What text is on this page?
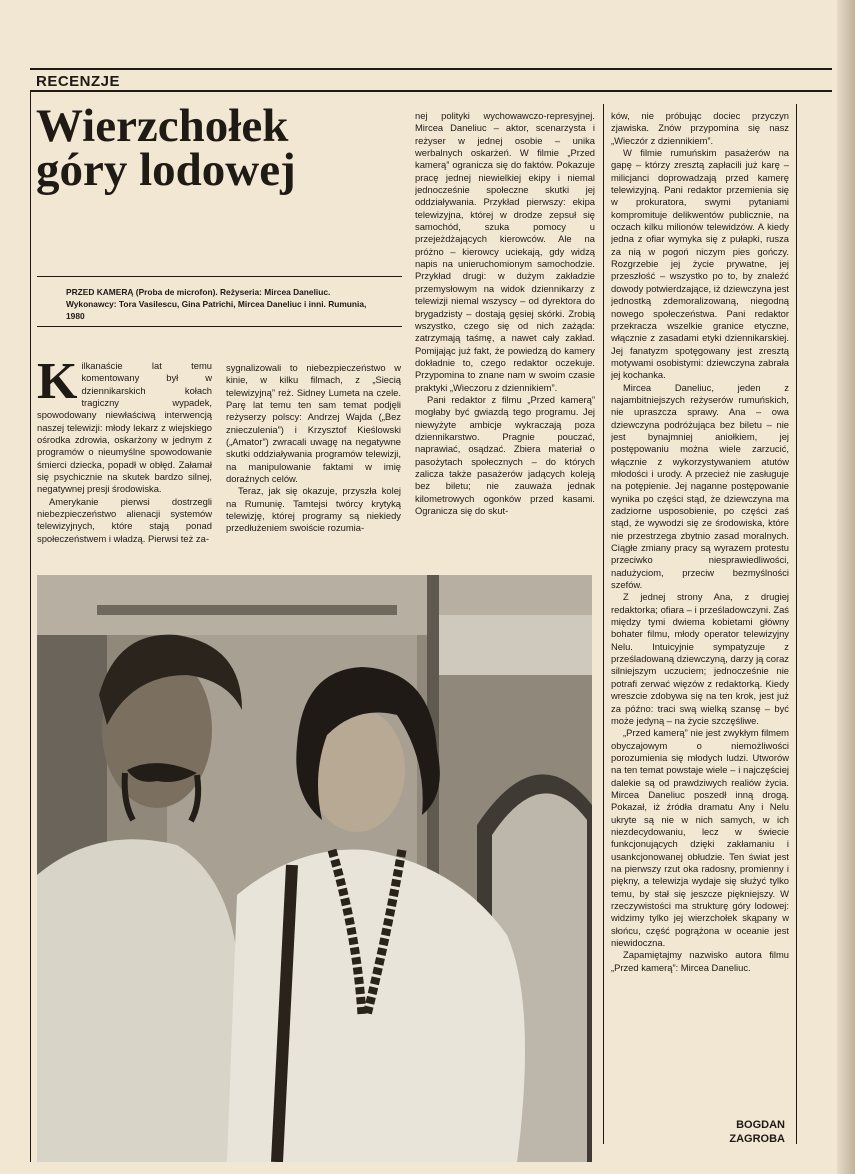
RECENZJE
Wierzchołek góry lodowej
PRZED KAMERĄ (Proba de microfon). Reżyseria: Mircea Daneliuc. Wykonawcy: Tora Vasilescu, Gina Patrichi, Mircea Daneliuc i inni. Rumunia, 1980

Kilkanaście lat temu komentowany był w dziennikarskich kołach tragiczny wypadek, spowodowany niewłaściwą interwencją naszej telewizji: młody lekarz z wiejskiego ośrodka zdrowia, oskarżony w jednym z programów o nieumyślne spowodowanie śmierci dziecka, popadł w obłęd. Załamał się psychicznie na skutek bardzo silnej, negatywnej presji środowiska.

Amerykanie pierwsi dostrzegli niebezpieczeństwo alienacji systemów telewizyjnych, które stają ponad społeczeństwem i władzą. Pierwsi też za-

sygnalizowali to niebezpieczeństwo w kinie, w kilku filmach, z „Siecią telewizyjną” reż. Sidney Lumeta na czele. Parę lat temu ten sam temat podjęli reżyserzy polscy: Andrzej Wajda („Bez znieczulenia”) i Krzysztof Kieślowski („Amator”) zwracali uwagę na negatywne skutki oddziaływania programów telewizji, na manipulowanie faktami w imię doraźnych celów.

Teraz, jak się okazuje, przyszła kolej na Rumunię. Tamtejsi twórcy krytyką telewizję, której programy są niekiedy przedłużeniem swoiście rozumia-

nej polityki wychowawczo-represyjnej. Mircea Daneliuc – aktor, scenarzysta i reżyser w jednej osobie – unika werbalnych oskarżeń. W filmie „Przed kamerą” ogranicza się do faktów. Pokazuje pracę jednej niewielkiej ekipy i niemal jednocześnie społeczne skutki jej oddziaływania. Przykład pierwszy: ekipa telewizyjna, której w drodze zepsuł się samochód, szuka pomocy u przejeżdżających kierowców. Ale na próżno – kierowcy uciekają, gdy widzą napis na unieruchomionym samochodzie. Przykład drugi: w dużym zakładzie przemysłowym na widok dziennikarzy z telewizji niemal wszyscy – od dyrektora do brygadzisty – dostają gęsiej skórki. Zrobią wszystko, czego się od nich zażąda: zatrzymają taśmę, a nawet cały zakład. Pomijając już fakt, że powiedzą do kamery dokładnie to, czego redaktor oczekuje. Przypomina to znane nam w swoim czasie praktyki „Wieczoru z dziennikiem”.

Pani redaktor z filmu „Przed kamerą” mogłaby być gwiazdą tego programu. Jej niewyżyte ambicje wykraczają poza dziennikarstwo. Pragnie pouczać, naprawiać, osądzać. Zbiera materiał o pasożytach społecznych – do których zalicza także pasażerów jadących koleją bez biletu; nie zauważa jednak kilometrowych ogonków przed kasami. Ogranicza się do skut-

ków, nie próbując dociec przyczyn zjawiska. Znów przypomina się nasz „Wieczór z dziennikiem”.

W filmie rumuńskim pasażerów na gapę – którzy zresztą zapłacili już karę – milicjanci doprowadzają przed kamerę telewizyjną. Pani redaktor przemienia się w prokuratora, swymi pytaniami kompromituje delikwentów publicznie, na oczach kilku milionów telewidzów. A kiedy jedna z ofiar wymyka się z pułapki, rusza za nią w pogoń niczym pies gończy. Rozgrzebie jej życie prywatne, jej przeszłość – wszystko po to, by znaleźć dowody potwierdzające, iż dziewczyna jest jednostką zdemoralizowaną, niegodną nowego społeczeństwa. Pani redaktor przekracza wszelkie granice etyczne, włącznie z zasadami etyki dziennikarskiej. Jej fanatyzm spotęgowany jest zresztą motywami osobistymi: dziewczyna zabrała jej kochanka.

Mircea Daneliuc, jeden z najambitniejszych reżyserów rumuńskich, nie upraszcza sprawy. Ana – owa dziewczyna podróżująca bez biletu – nie jest bynajmniej aniołkiem, jej postępowaniu można wiele zarzucić, włącznie z wykorzystywaniem atutów młodości i urody. A przecież nie zasługuje na potępienie. Jej naganne postępowanie wynika po części stąd, że dziewczyna ma zadziorne usposobienie, po części zaś stąd, że wywodzi się ze środowiska, które nie przestrzega zbytnio zasad moralnych. Ciągłe zmiany pracy są wyrazem protestu przeciwko niesprawiedliwości, nadużyciom, przeciw bezmyślności szefów.

Z jednej strony Ana, z drugiej redaktorka; ofiara – i prześladowczyni. Zaś między tymi dwiema kobietami główny bohater filmu, młody operator telewizyjny Nelu. Intuicyjnie sympatyzuje z prześladowaną dziewczyną, darzy ją coraz silniejszym uczuciem; jednocześnie nie potrafi zerwać więzów z redaktorką. Kiedy wreszcie zdobywa się na ten krok, jest już za późno: traci swą wielką szansę – być może jedyną – na życie szczęśliwe.

„Przed kamerą” nie jest zwykłym filmem obyczajowym o niemożliwości porozumienia się młodych ludzi. Utworów na ten temat powstaje wiele – i najczęściej dalekie są od prawdziwych realiów życia. Mircea Daneliuc poszedł inną drogą. Pokazał, iż źródła dramatu Any i Nelu ukryte są nie w nich samych, w ich niezdecydowaniu, lecz w świecie funkcjonujących dzięki zakłamaniu i usankcjonowanej obłudzie. Ten świat jest na pierwszy rzut oka radosny, promienny i piękny, a telewizja wydaje się służyć tylko temu, by stał się jeszcze piękniejszy. W rzeczywistości ma strukturę góry lodowej: widzimy tylko jej wierzchołek skąpany w słońcu, część pogrążona w oceanie jest niewidoczna.

Zapamiętajmy nazwisko autora filmu „Przed kamerą”: Mircea Daneliuc.

BOGDAN
ZAGROBA
